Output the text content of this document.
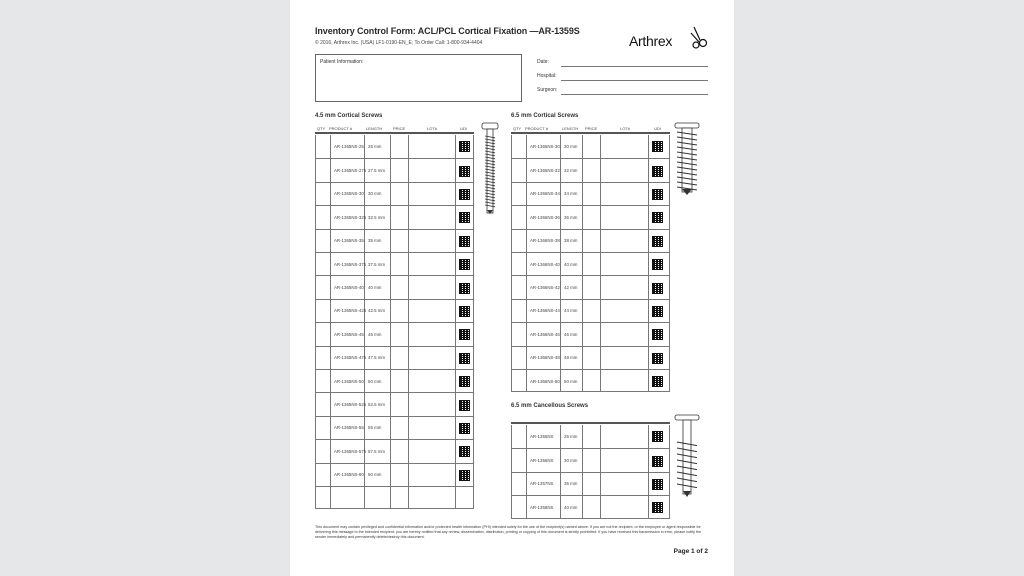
Inventory Control Form: ACL/PCL Cortical Fixation —AR-1359S
© 2016, Arthrex Inc. (USA) LF1-0190-EN_E; To Order Call: 1-800-934-4404	Arthrex
Patient Information:	Date:
Hospital:
Surgeon:
4.5 mm Cortical Screws	6.5 mm Cortical Screws
6.5 mm Cancellous Screws
QTY PRODUCT #	LENGTH	PRICE	LOT#	UDI
AR-1365NS-25 25 mm
AR-1365NS-275 27.5 mm
AR-1365NS-30 30 mm
AR-1365NS-325 32.5 mm
AR-1365NS-35 35 mm
AR-1365NS-375 37.5 mm
AR-1365NS-40 40 mm
AR-1365NS-425 42.5 mm
AR-1365NS-45 45 mm
AR-1365NS-475 47.5 mm
AR-1365NS-50 50 mm
AR-1365NS-525 52.5 mm
AR-1365NS-55 55 mm
AR-1365NS-575 57.5 mm
AR-1365NS-60 60 mm
QTY PRODUCT #	LENGTH PRICE	LOT#	UDI
AR-1366NS-30 30 mm
AR-1366NS-32 32 mm
AR-1366NS-34 34 mm
AR-1366NS-36 36 mm
AR-1366NS-38 38 mm
AR-1366NS-40 40 mm
AR-1366NS-42 42 mm
AR-1366NS-44 44 mm
AR-1366NS-46 46 mm
AR-1366NS-48 48 mm
AR-1366NS-50 50 mm
AR-1355NS 25 mm
AR-1356NS 30 mm
AR-1357NS 35 mm
AR-1358NS 40 mm
This document may contain privileged and confidential information and/or protected health information (PHI) intended solely for the use of the recipient(s) named above. If you are not the recipient, or the employee or agent responsible for delivering this message to the intended recipient, you are hereby notified that any review, dissemination, distribution, printing or copying of this document is strictly prohibited. If you have received this transmission in error, please notify the sender immediately and permanently delete/destroy this document.
Page 1 of 2
